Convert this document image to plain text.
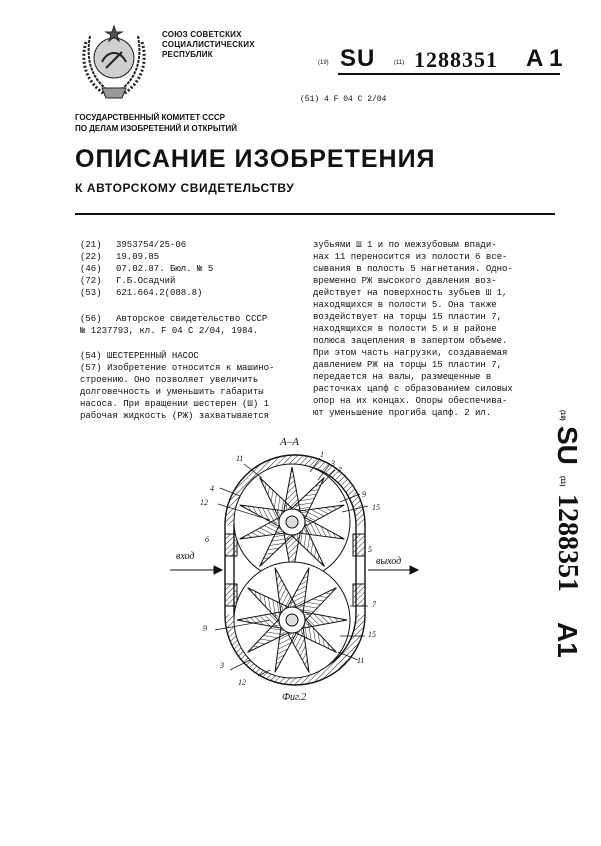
СОЮЗ СОВЕТСКИХ
СОЦИАЛИСТИЧЕСКИХ
РЕСПУБЛИК
(19) SU	(11) 1288351 A 1
(51) 4 F 04 C 2/04
ГОСУДАРСТВЕННЫЙ КОМИТЕТ СССР
ПО ДЕЛАМ ИЗОБРЕТЕНИЙ И ОТКРЫТИЙ
ОПИСАНИЕ ИЗОБРЕТЕНИЯ
К АВТОРСКОМУ СВИДЕТЕЛЬСТВУ
(21)	3953754/25-06
(22)	19.09.85
(46)	07.02.87. Бюл. № 5
(72)	Г.Б.Осадчий
(53)	621.664.2(088.8)
(56) Авторское свидетельство СССР
№ 1237793, кл. F 04 C 2/04, 1984.
(54) ШЕСТЕРЕННЫЙ НАСОС
(57) Изобретение относится к машино-
строению. Оно позволяет увеличить
долговечность и уменьшить габариты
насоса. При вращении шестерен (Ш) 1
рабочая жидкость (РЖ) захватывается
зубьями Ш 1 и по межзубовым впади-
нах 11 переносится из полости 6 все-
сывания в полость 5 нагнетания. Одно-
временно РЖ высокого давления воз-
действует на поверхность зубьев Ш 1,
находящихся в полости 5. Она также
воздействует на торцы 15 пластин 7,
находящихся в полости 5 и в районе
полюса зацепления в запертом объеме.
При этом часть нагрузки, создаваемая
давлением РЖ на торцы 15 пластин 7,
передается на валы, размещенные в
расточках цапф с образованием силовых
опор на их концах. Опоры обеспечива-
ют уменьшение прогиба цапф. 2 ил.	(19)
SU
(11)
1288351
A1
A–A
11	1
3
7
9
15
4
12
6
вход
5
выход
7
9
15
3
11
12
Фиг.2
